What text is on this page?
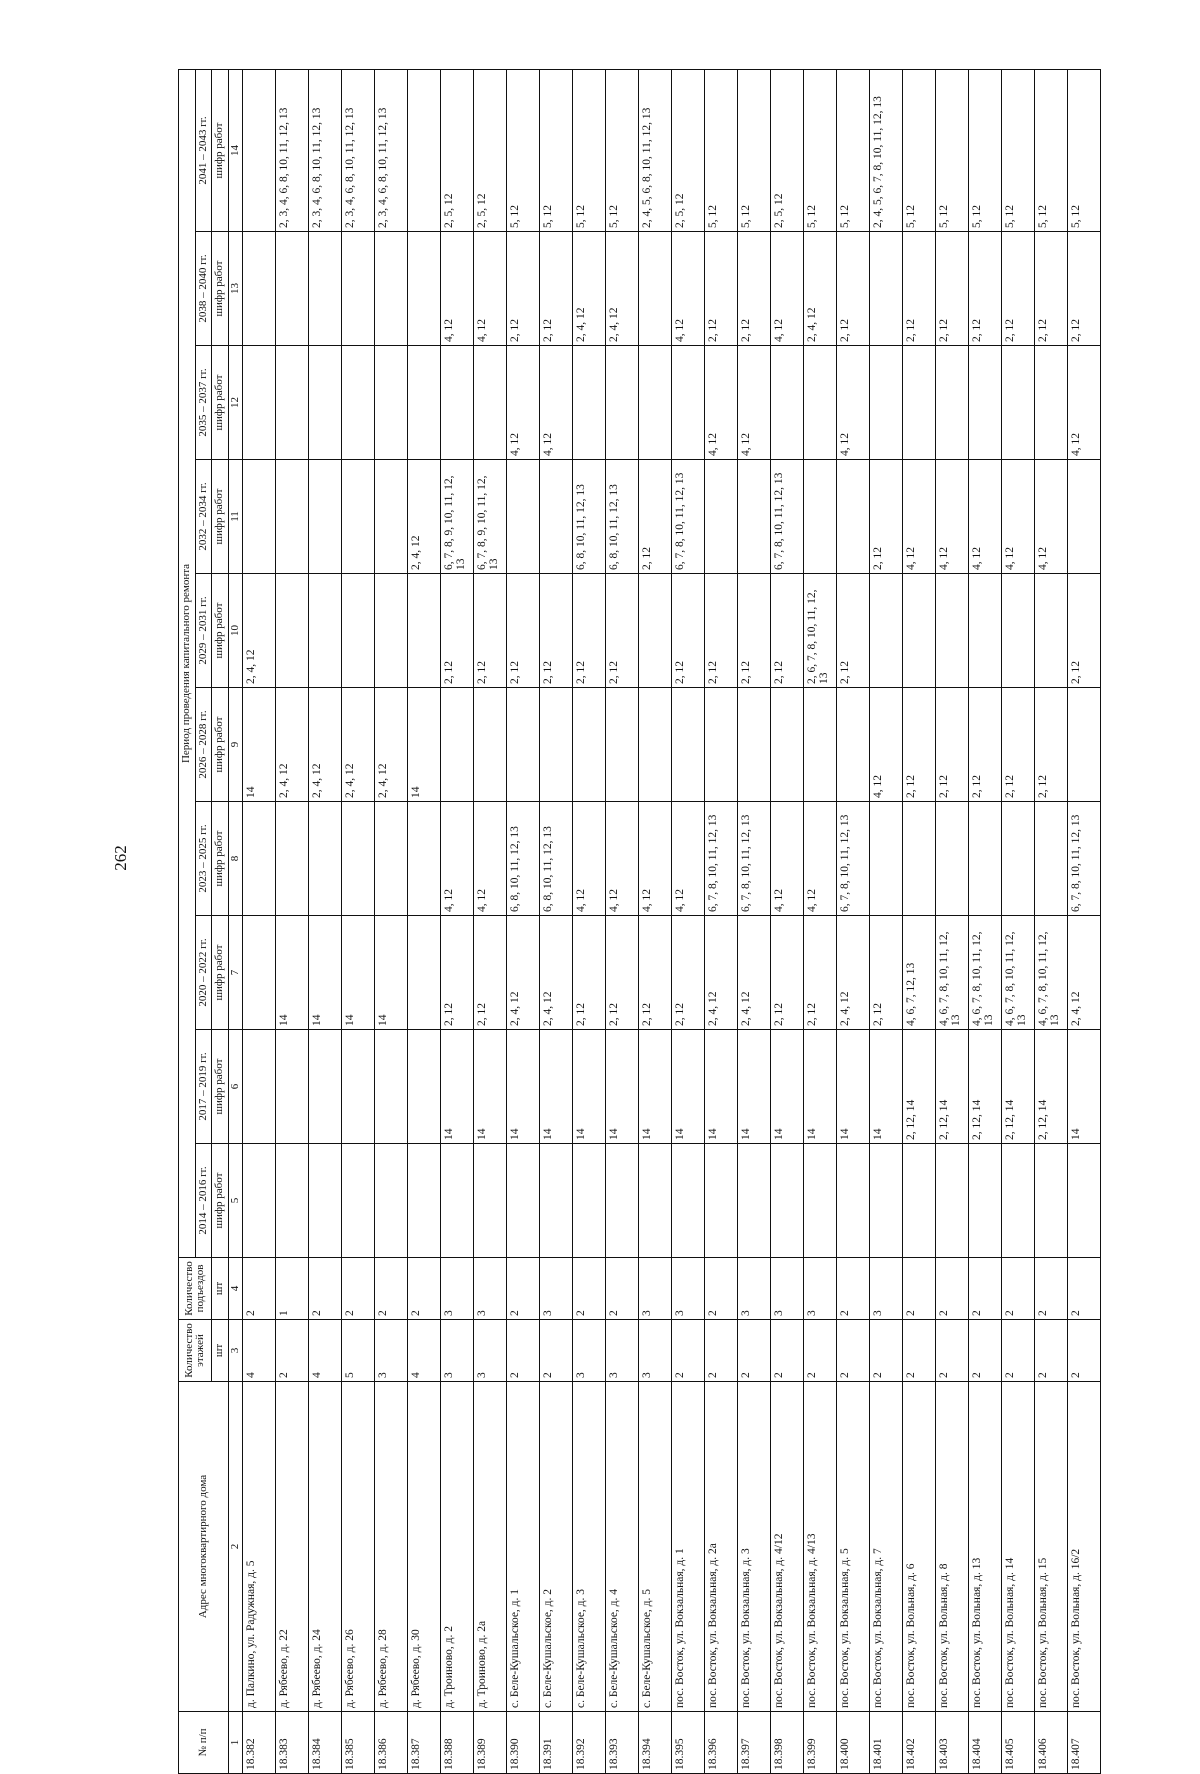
262
№ п/п	Адрес многоквартирного дома	Количество этажей	Количество подъездов	Период проведения капитального ремонта									
				2014 – 2016 гг.	2017 – 2019 гг.	2020 – 2022 гг.	2023 – 2025 гг.	2026 – 2028 гг.	2029 – 2031 гг.	2032 – 2034 гг.	2035 – 2037 гг.	2038 – 2040 гг.	2041 – 2043 гг.
		шт	шт	шифр работ	шифр работ	шифр работ	шифр работ	шифр работ	шифр работ	шифр работ	шифр работ	шифр работ	шифр работ
1	2	3	4	5	6	7	8	9	10	11	12	13	14
18.382	д. Палкино, ул. Радужная, д. 5	4	2					14	2, 4, 12				
18.383	д. Рябеево, д. 22	2	1			14		2, 4, 12					2, 3, 4, 6, 8, 10, 11, 12, 13
18.384	д. Рябеево, д. 24	4	2			14		2, 4, 12					2, 3, 4, 6, 8, 10, 11, 12, 13
18.385	д. Рябеево, д. 26	5	2			14		2, 4, 12					2, 3, 4, 6, 8, 10, 11, 12, 13
18.386	д. Рябеево, д. 28	3	2			14		2, 4, 12					2, 3, 4, 6, 8, 10, 11, 12, 13
18.387	д. Рябеево, д. 30	4	2					14		2, 4, 12			
18.388	д. Троиново, д. 2	3	3		14	2, 12	4, 12		2, 12	6, 7, 8, 9, 10, 11, 12, 13		4, 12	2, 5, 12
18.389	д. Троиново, д. 2а	3	3		14	2, 12	4, 12		2, 12	6, 7, 8, 9, 10, 11, 12, 13		4, 12	2, 5, 12
18.390	с. Беле-Кушальское, д. 1	2	2		14	2, 4, 12	6, 8, 10, 11, 12, 13		2, 12		4, 12	2, 12	5, 12
18.391	с. Беле-Кушальское, д. 2	2	3		14	2, 4, 12	6, 8, 10, 11, 12, 13		2, 12		4, 12	2, 12	5, 12
18.392	с. Беле-Кушальское, д. 3	3	2		14	2, 12	4, 12		2, 12	6, 8, 10, 11, 12, 13		2, 4, 12	5, 12
18.393	с. Беле-Кушальское, д. 4	3	2		14	2, 12	4, 12		2, 12	6, 8, 10, 11, 12, 13		2, 4, 12	5, 12
18.394	с. Беле-Кушальское, д. 5	3	3		14	2, 12	4, 12			2, 12			2, 4, 5, 6, 8, 10, 11, 12, 13
18.395	пос. Восток, ул. Вокзальная, д. 1	2	3		14	2, 12	4, 12		2, 12	6, 7, 8, 10, 11, 12, 13		4, 12	2, 5, 12
18.396	пос. Восток, ул. Вокзальная, д. 2а	2	2		14	2, 4, 12	6, 7, 8, 10, 11, 12, 13		2, 12		4, 12	2, 12	5, 12
18.397	пос. Восток, ул. Вокзальная, д. 3	2	3		14	2, 4, 12	6, 7, 8, 10, 11, 12, 13		2, 12		4, 12	2, 12	5, 12
18.398	пос. Восток, ул. Вокзальная, д. 4/12	2	3		14	2, 12	4, 12		2, 12	6, 7, 8, 10, 11, 12, 13		4, 12	2, 5, 12
18.399	пос. Восток, ул. Вокзальная, д. 4/13	2	3		14	2, 12	4, 12		2, 6, 7, 8, 10, 11, 12, 13			2, 4, 12	5, 12
18.400	пос. Восток, ул. Вокзальная, д. 5	2	2		14	2, 4, 12	6, 7, 8, 10, 11, 12, 13		2, 12		4, 12	2, 12	5, 12
18.401	пос. Восток, ул. Вокзальная, д. 7	2	3		14	2, 12		4, 12		2, 12			2, 4, 5, 6, 7, 8, 10, 11, 12, 13
18.402	пос. Восток, ул. Вольная, д. 6	2	2		2, 12, 14	4, 6, 7, 12, 13		2, 12		4, 12		2, 12	5, 12
18.403	пос. Восток, ул. Вольная, д. 8	2	2		2, 12, 14	4, 6, 7, 8, 10, 11, 12, 13		2, 12		4, 12		2, 12	5, 12
18.404	пос. Восток, ул. Вольная, д. 13	2	2		2, 12, 14	4, 6, 7, 8, 10, 11, 12, 13		2, 12		4, 12		2, 12	5, 12
18.405	пос. Восток, ул. Вольная, д. 14	2	2		2, 12, 14	4, 6, 7, 8, 10, 11, 12, 13		2, 12		4, 12		2, 12	5, 12
18.406	пос. Восток, ул. Вольная, д. 15	2	2		2, 12, 14	4, 6, 7, 8, 10, 11, 12, 13		2, 12		4, 12		2, 12	5, 12
18.407	пос. Восток, ул. Вольная, д. 16/2	2	2		14	2, 4, 12	6, 7, 8, 10, 11, 12, 13		2, 12		4, 12	2, 12	5, 12
